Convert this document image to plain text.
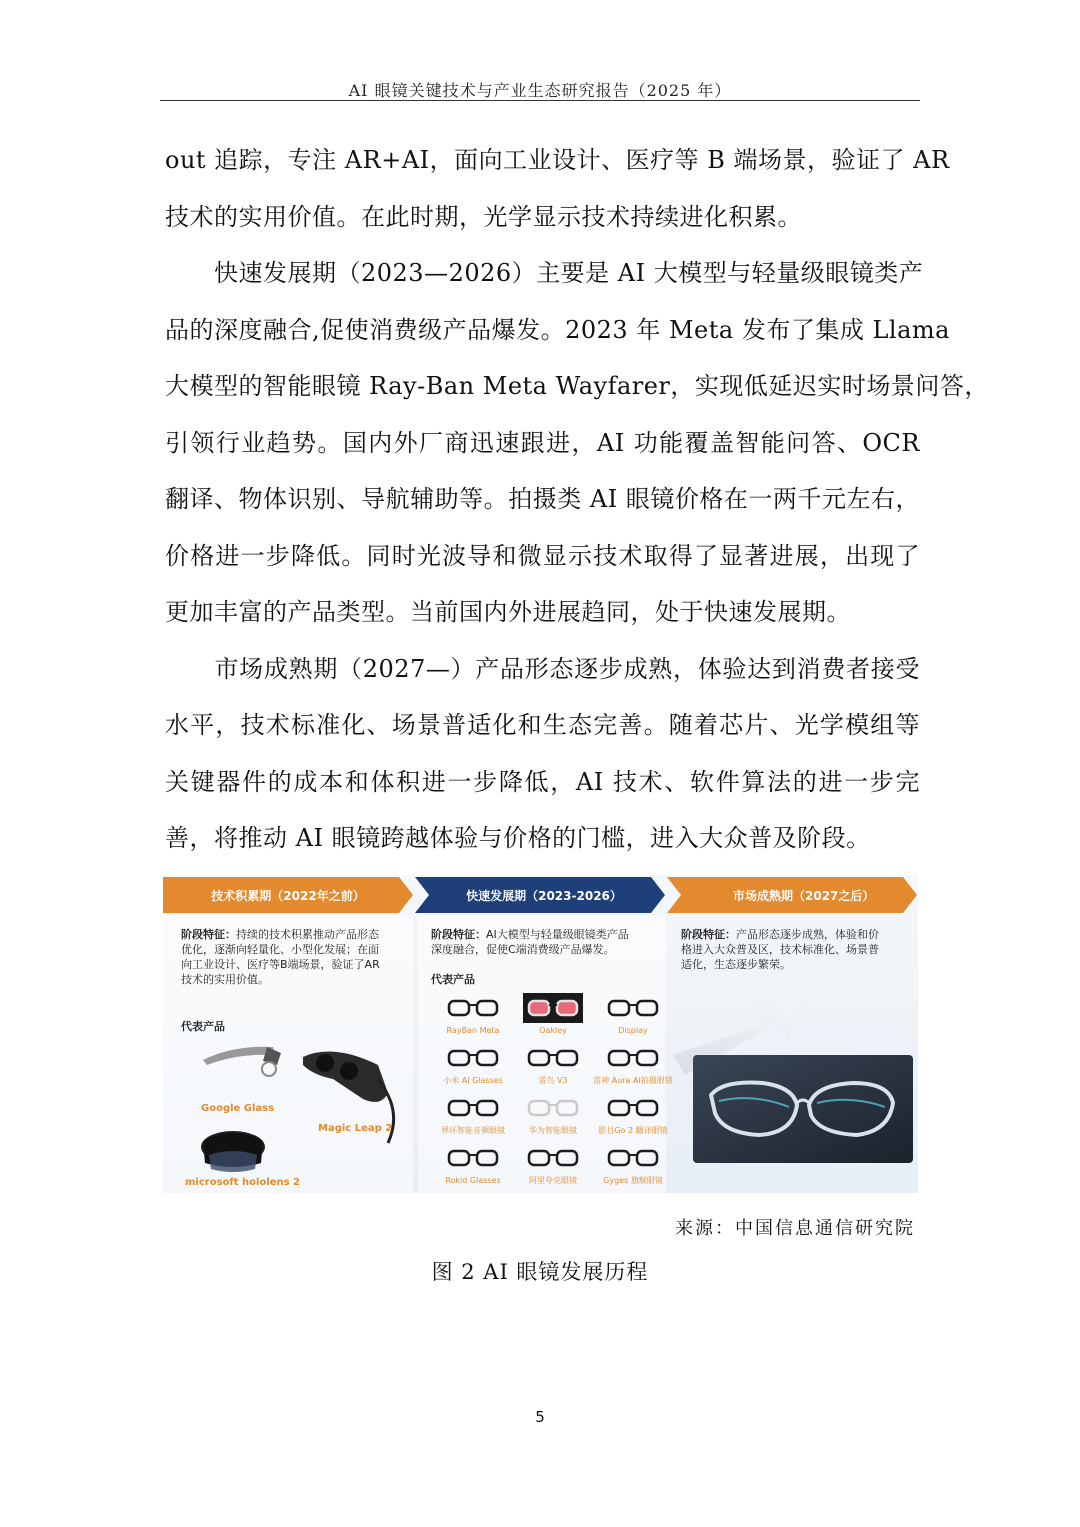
AI 眼镜关键技术与产业生态研究报告（2025 年）
out 追踪，专注 AR+AI，面向工业设计、医疗等 B 端场景，验证了 AR
技术的实用价值。在此时期，光学显示技术持续进化积累。
　　快速发展期（2023—2026）主要是 AI 大模型与轻量级眼镜类产
品的深度融合,促使消费级产品爆发。2023 年 Meta 发布了集成 Llama
大模型的智能眼镜 Ray-Ban Meta Wayfarer，实现低延迟实时场景问答，
引领行业趋势。国内外厂商迅速跟进，AI 功能覆盖智能问答、OCR
翻译、物体识别、导航辅助等。拍摄类 AI 眼镜价格在一两千元左右，
价格进一步降低。同时光波导和微显示技术取得了显著进展，出现了
更加丰富的产品类型。当前国内外进展趋同，处于快速发展期。
　　市场成熟期（2027—）产品形态逐步成熟，体验达到消费者接受
水平，技术标准化、场景普适化和生态完善。随着芯片、光学模组等
关键器件的成本和体积进一步降低，AI 技术、软件算法的进一步完
善，将推动 AI 眼镜跨越体验与价格的门槛，进入大众普及阶段。
技术积累期（2022年之前）	快速发展期（2023-2026）	市场成熟期（2027之后）
阶段特征：持续的技术积累推动产品形态
优化，逐渐向轻量化、小型化发展；在面
向工业设计、医疗等B端场景，验证了AR
技术的实用价值。
代表产品
Google Glass
Magic Leap 2
microsoft hololens 2
阶段特征：AI大模型与轻量级眼镜类产品
深度融合，促使C端消费级产品爆发。
代表产品
RayBan Meta	Oakley	Display
小米 AI Glasses	雷鸟 V3	雷神 Aura AI拍摄眼镜
界环智能音频眼镜	华为智能眼镜	影目Go 2 翻译眼镜
Rokid Glasses	阿里夸克眼镜	Gyges 旗舰眼镜
阶段特征：产品形态逐步成熟，体验和价
格进入大众普及区，技术标准化、场景普
适化，生态逐步繁荣。
来源：中国信息通信研究院
图 2 AI 眼镜发展历程
5
